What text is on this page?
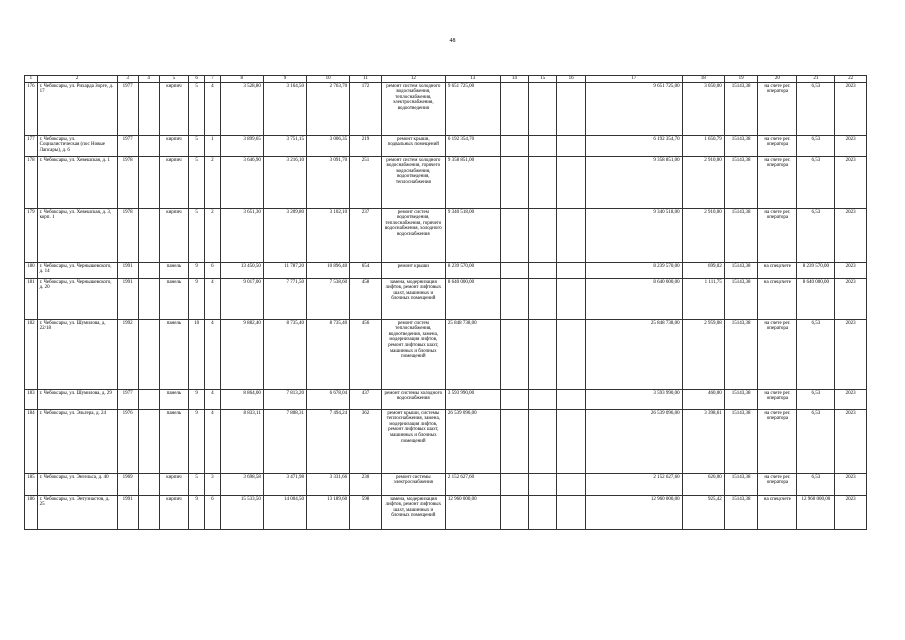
48
1	2	3	4	5	6	7	8	9	10	11	12	13	14	15	16	17	18	19	20	21	22
176	г. Чебоксары, ул. Рихарда Зорге, д. 17	1977		кирпич	5	4	3 528,80	3 164,50	2 763,70	172	ремонт систем холодного водоснабжения, теплоснабжения, электроснабжения, водоотведения	9 651 725,00				9 651 725,00	3 050,00	15143,38	на счете рег. оператора	6,53	2023
177	г. Чебоксары, ул. Социалистическая (пос Новые Лапсары), д. 6	1977		кирпич	5	1	3 899,65	3 751,15	3 006,35	219	ремонт крыши, подвальных помещений	6 192 354,70				6 192 354,70	1 650,79	15143,38	на счете рег. оператора	6,53	2023
178	г. Чебоксары, ул. Хевешская, д. 1	1978		кирпич	5	2	3 646,90	3 216,10	3 091,70	251	ремонт систем холодного водоснабжения, горячего водоснабжения, водоотведения, теплоснабжения	9 358 851,00				9 358 851,00	2 910,00	15143,38	на счете рег. оператора	6,53	2023
179	г. Чебоксары, ул. Хевешская, д. 3, корп. 1	1978		кирпич	5	2	3 651,30	3 209,80	3 102,10	237	ремонт систем водоотведения, теплоснабжения, горячего водоснабжения, холодного водоснабжения	9 340 518,00				9 340 518,00	2 910,00	15143,38	на счете рег. оператора	6,53	2023
180	г. Чебоксары, ул. Чернышевского, д. 14	1991		панель	9	6	13 450,50	11 787,20	10 896,40	654	ремонт крыши	8 239 570,00				8 239 570,00	699,02	15143,38	на спецсчете	8 239 570,00	2023
181	г. Чебоксары, ул. Чернышевского, д. 20	1991		панель	9	4	9 017,00	7 771,50	7 538,60	458	замена, модернизация лифтов, ремонт лифтовых шахт, машинных и блочных помещений	8 640 000,00				8 640 000,00	1 111,75	15143,38	на спецсчете	8 640 000,00	2023
182	г. Чебоксары, ул. Шумилова, д. 22/18	1992		панель	10	4	9 882,40	8 735,40	8 735,40	456	ремонт систем теплоснабжения, водоотведения, замена, модернизация лифтов, ремонт лифтовых шахт, машинных и блочных помещений	25 848 738,00				25 848 738,00	2 959,08	15143,38	на счете рег. оператора	6,53	2023
183	г. Чебоксары, ул. Шумилова, д. 29	1977		панель	9	4	8 864,00	7 813,20	6 678,04	437	ремонт системы холодного водоснабжения	3 593 990,00				3 593 990,00	460,00	15143,38	на счете рег. оператора	6,53	2023
184	г. Чебоксары, ул. Эльгера, д. 24	1976		панель	9	4	8 833,11	7 808,31	7 494,24	362	ремонт крыши, системы теплоснабжения, замена, модернизация лифтов, ремонт лифтовых шахт, машинных и блочных помещений	26 539 096,00				26 539 096,00	3 398,61	15143,38	на счете рег. оператора	6,53	2023
185	г. Чебоксары, ул. Энгельса, д. 40	1969		кирпич	5	3	3 698,58	3 471,98	3 331,66	230	ремонт системы электроснабжения	2 152 627,60				2 152 627,60	620,00	15143,38	на счете рег. оператора	6,53	2023
186	г. Чебоксары, ул. Энтузиастов, д. 25	1991		кирпич	9	6	15 533,50	14 004,50	13 189,60	598	замена, модернизация лифтов, ремонт лифтовых шахт, машинных и блочных помещений	12 960 000,00				12 960 000,00	925,42	15143,38	на спецсчете	12 960 000,00	2023
